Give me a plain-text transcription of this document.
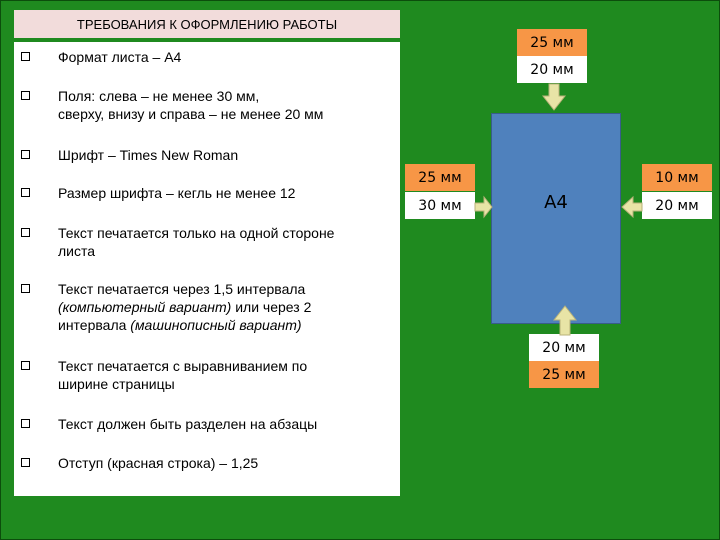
ТРЕБОВАНИЯ К ОФОРМЛЕНИЮ РАБОТЫ
Формат листа – А4
Поля: слева – не менее 30 мм,
сверху, внизу и справа – не менее 20 мм
Шрифт – Times New Roman
Размер шрифта – кегль не менее 12
Текст печатается только на одной стороне
листа
Текст печатается через 1,5 интервала
(компьютерный вариант) или через 2
интервала (машинописный вариант)
Текст печатается с выравниванием по
ширине страницы
Текст должен быть разделен на абзацы
Отступ (красная строка) – 1,25
25 мм
20 мм
25 мм
30 мм
10 мм
20 мм
20 мм
25 мм
А4
